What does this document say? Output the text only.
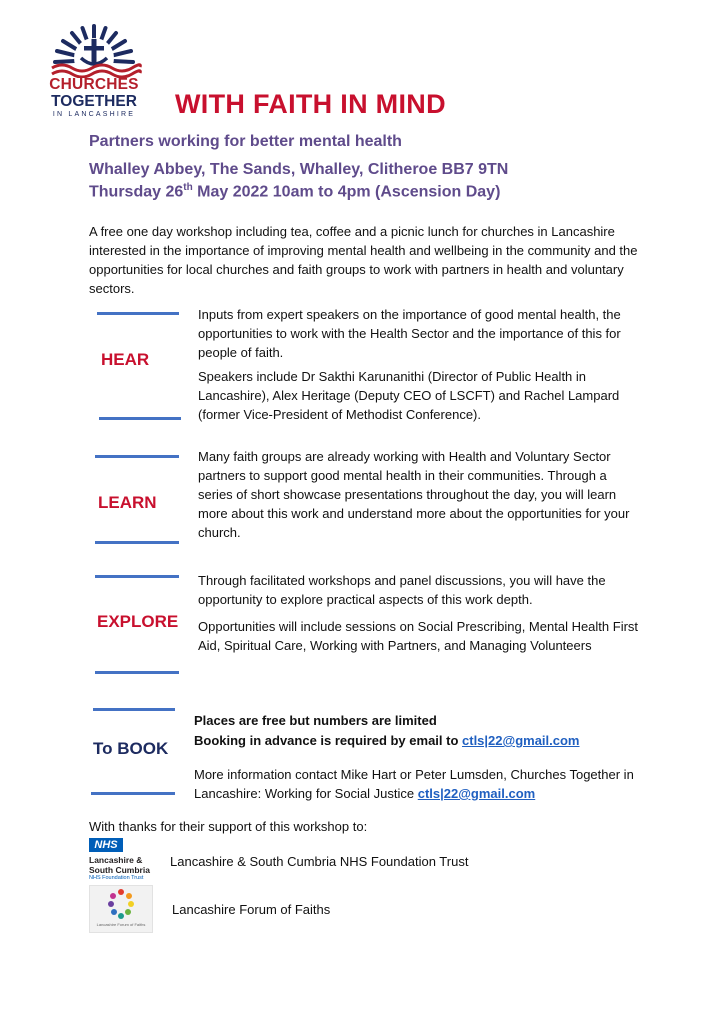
CHURCHES
TOGETHER
IN LANCASHIRE WITH FAITH IN MIND
Partners working for better mental health
Whalley Abbey, The Sands, Whalley, Clitheroe BB7 9TN
Thursday 26th May 2022 10am to 4pm (Ascension Day)
A free one day workshop including tea, coffee and a picnic lunch for churches in Lancashire interested in the importance of improving mental health and wellbeing in the community and the opportunities for local churches and faith groups to work with partners in health and voluntary sectors.
HEAR
Inputs from expert speakers on the importance of good mental health, the opportunities to work with the Health Sector and the importance of this for people of faith.
Speakers include Dr Sakthi Karunanithi (Director of Public Health in Lancashire), Alex Heritage (Deputy CEO of LSCFT) and Rachel Lampard (former Vice-President of Methodist Conference).
LEARN
Many faith groups are already working with Health and Voluntary Sector partners to support good mental health in their communities. Through a series of short showcase presentations throughout the day, you will learn more about this work and understand more about the opportunities for your church.
EXPLORE
Through facilitated workshops and panel discussions, you will have the opportunity to explore practical aspects of this work depth.
Opportunities will include sessions on Social Prescribing, Mental Health First Aid, Spiritual Care, Working with Partners, and Managing Volunteers
To BOOK
Places are free but numbers are limited
Booking in advance is required by email to ctls|22@gmail.com
More information contact Mike Hart or Peter Lumsden, Churches Together in Lancashire: Working for Social Justice ctls|22@gmail.com
With thanks for their support of this workshop to:
NHS
Lancashire &
South Cumbria
NHS Foundation Trust
Lancashire & South Cumbria NHS Foundation Trust
Lancashire Forum of Faiths
Lancashire Forum of Faiths
